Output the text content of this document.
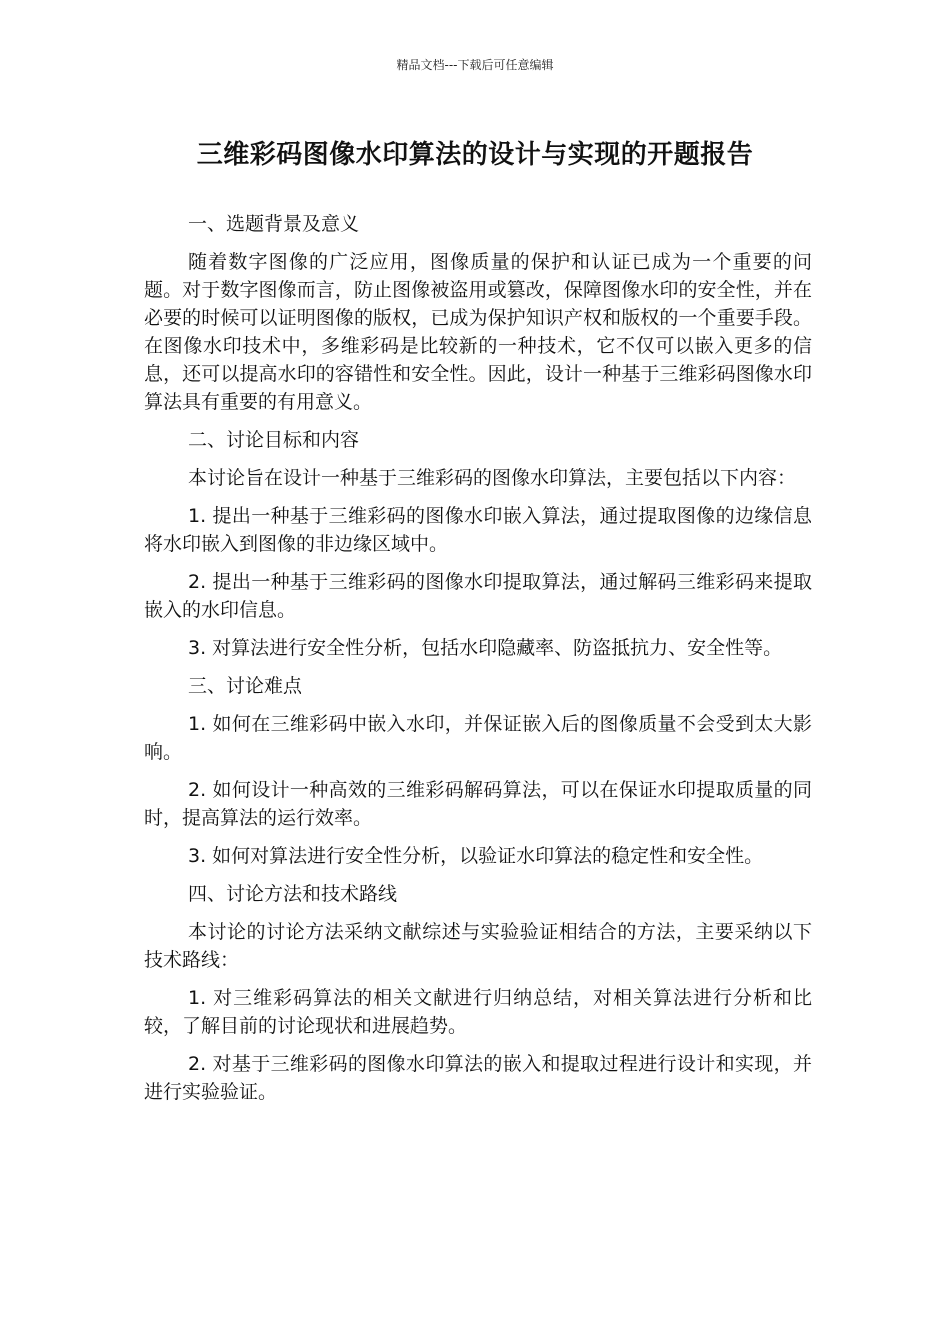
精品文档---下载后可任意编辑
三维彩码图像水印算法的设计与实现的开题报告

一、选题背景及意义

随着数字图像的广泛应用，图像质量的保护和认证已成为一个重要的问题。对于数字图像而言，防止图像被盗用或篡改，保障图像水印的安全性，并在必要的时候可以证明图像的版权，已成为保护知识产权和版权的一个重要手段。在图像水印技术中，多维彩码是比较新的一种技术，它不仅可以嵌入更多的信息，还可以提高水印的容错性和安全性。因此，设计一种基于三维彩码图像水印算法具有重要的有用意义。

二、讨论目标和内容

本讨论旨在设计一种基于三维彩码的图像水印算法，主要包括以下内容：

1. 提出一种基于三维彩码的图像水印嵌入算法，通过提取图像的边缘信息将水印嵌入到图像的非边缘区域中。

2. 提出一种基于三维彩码的图像水印提取算法，通过解码三维彩码来提取嵌入的水印信息。

3. 对算法进行安全性分析，包括水印隐藏率、防盗抵抗力、安全性等。

三、讨论难点

1. 如何在三维彩码中嵌入水印，并保证嵌入后的图像质量不会受到太大影响。

2. 如何设计一种高效的三维彩码解码算法，可以在保证水印提取质量的同时，提高算法的运行效率。

3. 如何对算法进行安全性分析，以验证水印算法的稳定性和安全性。

四、讨论方法和技术路线

本讨论的讨论方法采纳文献综述与实验验证相结合的方法，主要采纳以下技术路线：

1. 对三维彩码算法的相关文献进行归纳总结，对相关算法进行分析和比较，了解目前的讨论现状和进展趋势。

2. 对基于三维彩码的图像水印算法的嵌入和提取过程进行设计和实现，并进行实验验证。
